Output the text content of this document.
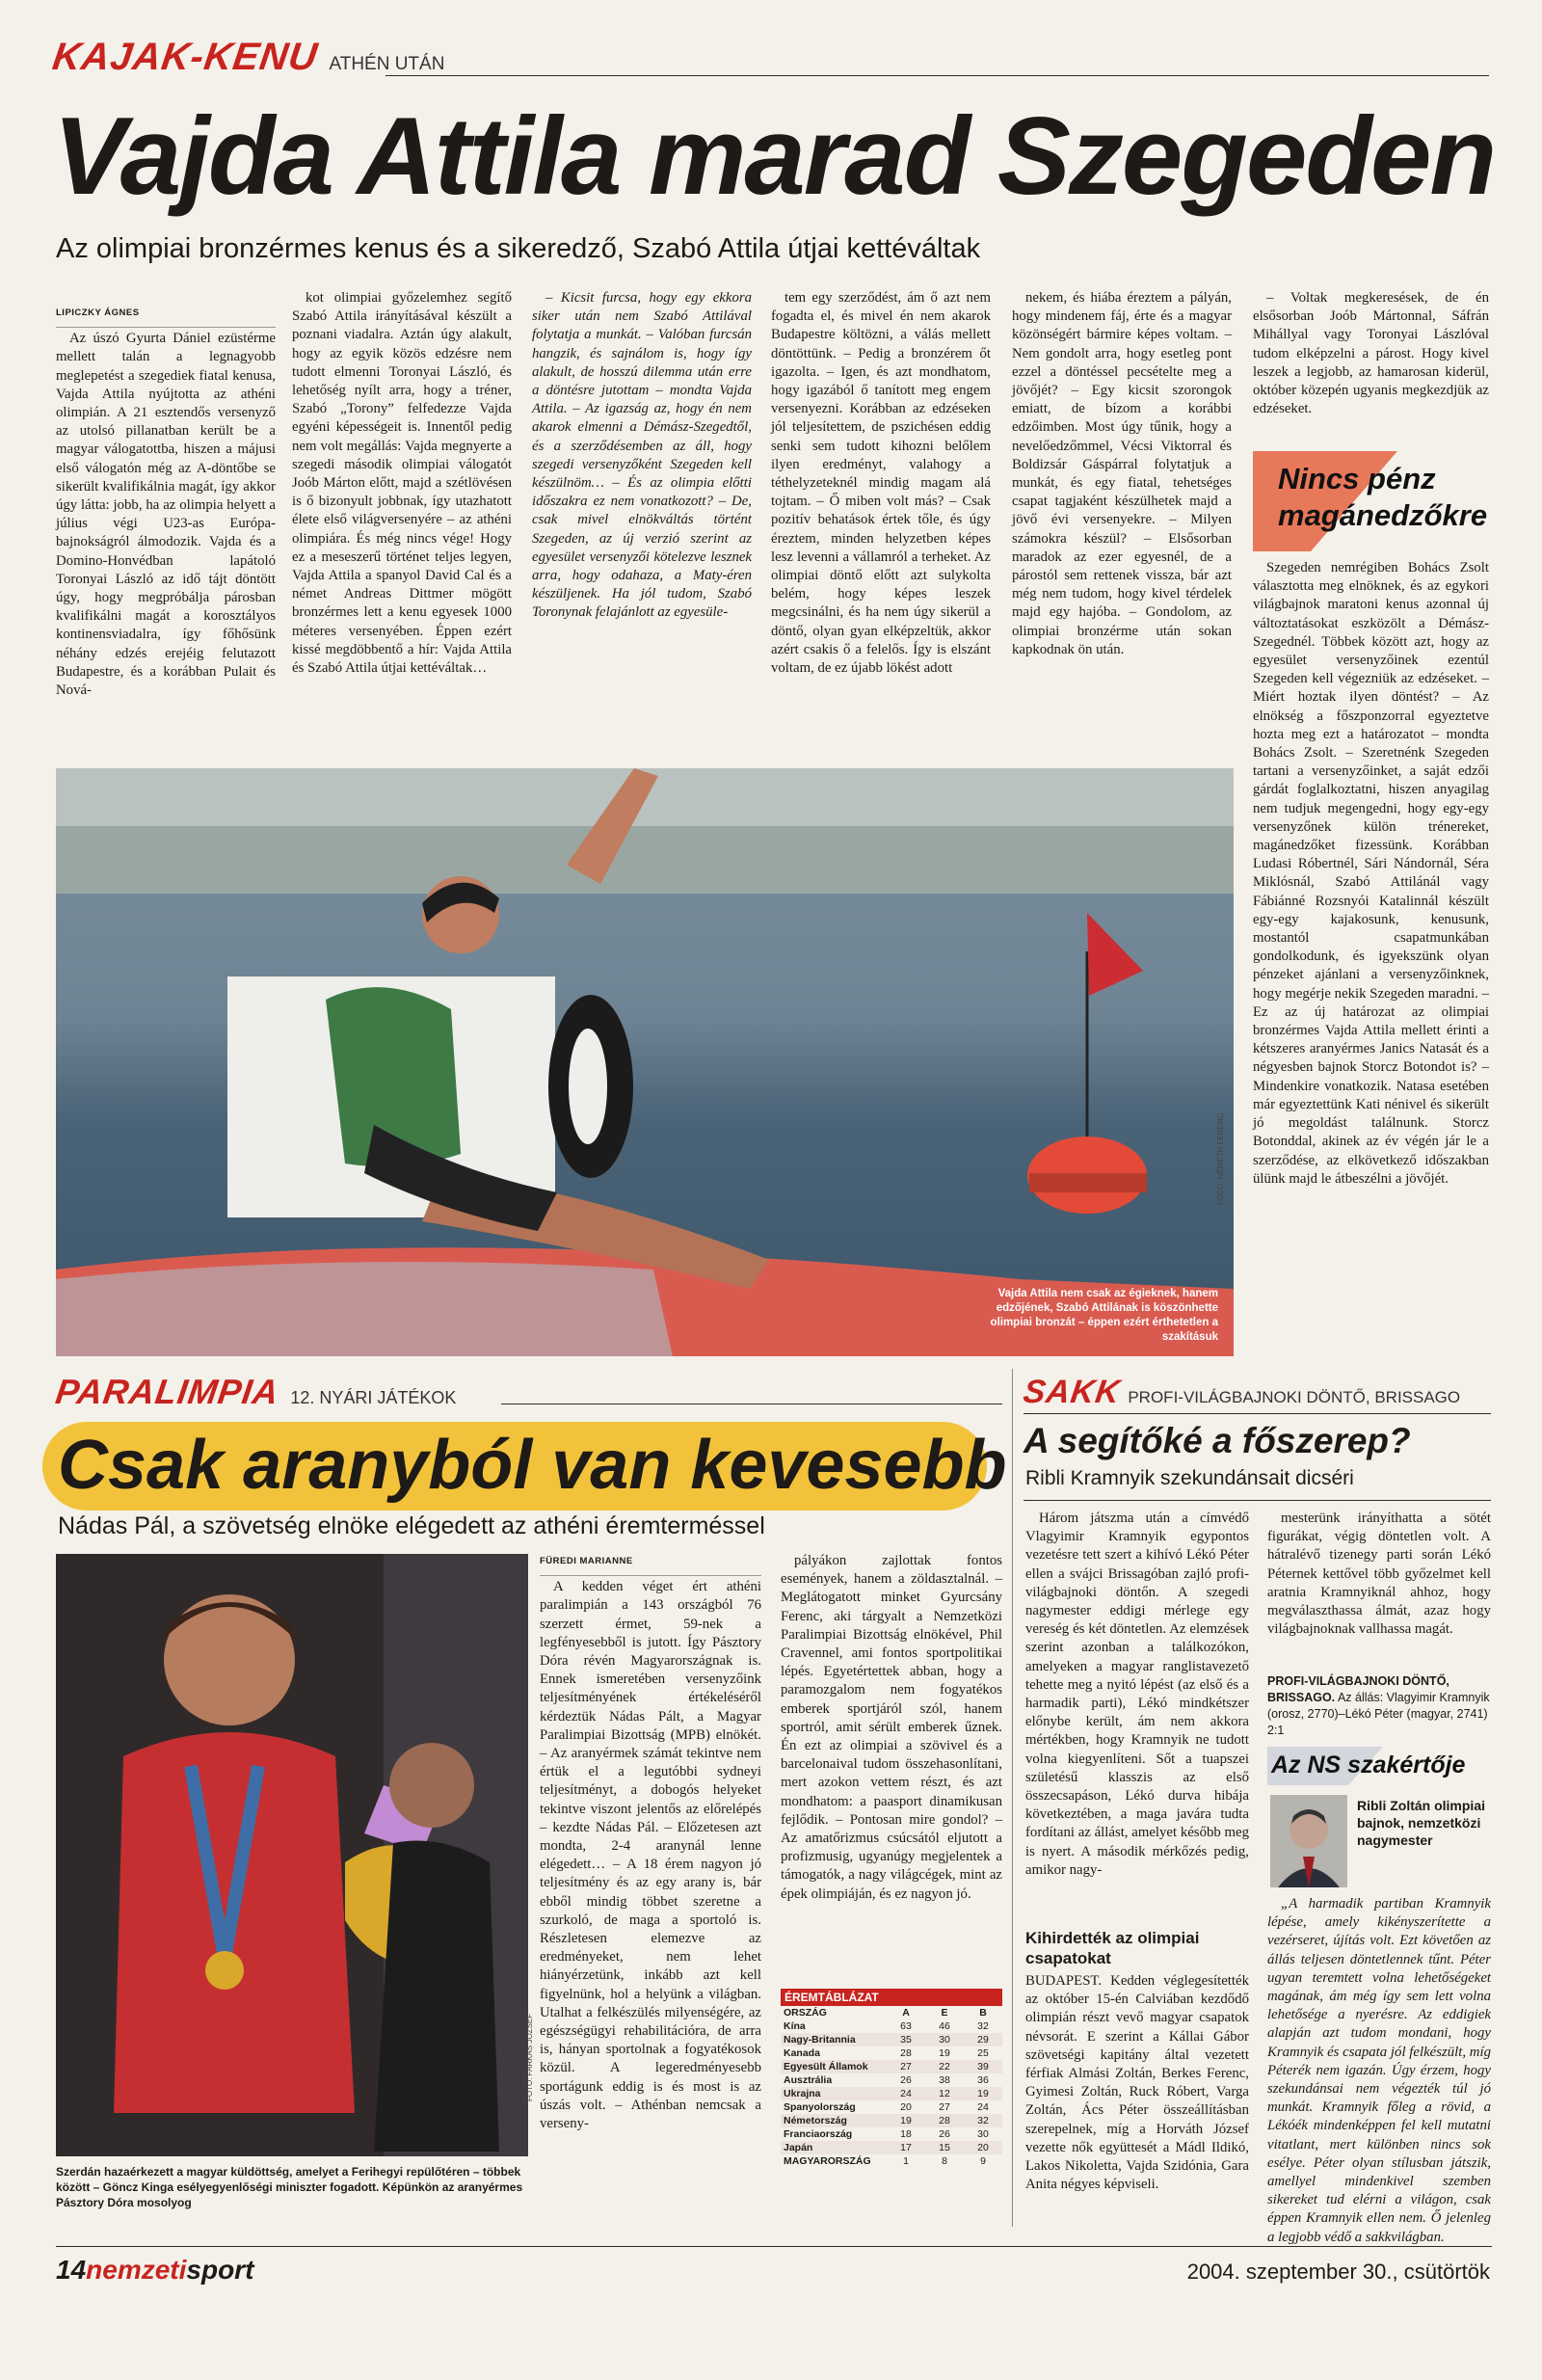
KAJAK-KENU ATHÉN UTÁN
Vajda Attila marad Szegeden
Az olimpiai bronzérmes kenus és a sikeredző, Szabó Attila útjai kettéváltak

LIPICZKY ÁGNES

Az úszó Gyurta Dániel ezüstérme mellett talán a legnagyobb meglepetést a szegediek fiatal kenusa, Vajda Attila nyújtotta az athéni olimpián. A 21 esztendős versenyző az utolsó pillanatban került be a magyar válogatottba, hiszen a májusi első válogatón még az A-döntőbe se sikerült kvalifikálnia magát, így akkor úgy látta: jobb, ha az olimpia helyett a július végi U23-as Európa-bajnokságról álmodozik. Vajda és a Domino-Honvédban lapátoló Toronyai László az idő tájt döntött úgy, hogy megpróbálja párosban kvalifikálni magát a korosztályos kontinensviadalra, így főhősünk néhány edzés erejéig felutazott Budapestre, és a korábban Pulait és Nová-

kot olimpiai győzelemhez segítő Szabó Attila irányításával készült a poznani viadalra. Aztán úgy alakult, hogy az egyik közös edzésre nem tudott elmenni Toronyai László, és lehetőség nyílt arra, hogy a tréner, Szabó „Torony” felfedezze Vajda egyéni képességeit is. Innentől pedig nem volt megállás: Vajda megnyerte a szegedi második olimpiai válogatót Joób Márton előtt, majd a szétlövésen is ő bizonyult jobbnak, így utazhatott élete első világversenyére – az athéni olimpiára. És még nincs vége! Hogy ez a meseszerű történet teljes legyen, Vajda Attila a spanyol David Cal és a német Andreas Dittmer mögött bronzérmes lett a kenu egyesek 1000 méteres versenyében. Éppen ezért kissé megdöbbentő a hír: Vajda Attila és Szabó Attila útjai kettéváltak…

– Kicsit furcsa, hogy egy ekkora siker után nem Szabó Attilával folytatja a munkát. – Valóban furcsán hangzik, és sajnálom is, hogy így alakult, de hosszú dilemma után erre a döntésre jutottam – mondta Vajda Attila. – Az igazság az, hogy én nem akarok elmenni a Démász-Szegedtől, és a szerződésemben az áll, hogy szegedi versenyzőként Szegeden kell készülnöm… – És az olimpia előtti időszakra ez nem vonatkozott? – De, csak mivel elnökváltás történt Szegeden, az új verzió szerint az egyesület versenyzői kötelezve lesznek arra, hogy odahaza, a Maty-éren készüljenek. Ha jól tudom, Szabó Toronynak felajánlott az egyesüle-

tem egy szerződést, ám ő azt nem fogadta el, és mivel én nem akarok Budapestre költözni, a válás mellett döntöttünk. – Pedig a bronzérem őt igazolta. – Igen, és azt mondhatom, hogy igazából ő tanított meg engem versenyezni. Korábban az edzéseken jól teljesítettem, de pszichésen eddig senki sem tudott kihozni belőlem ilyen eredményt, valahogy a téthelyzeteknél mindig magam alá tojtam. – Ő miben volt más? – Csak pozitív behatások értek tőle, és úgy éreztem, minden helyzetben képes lesz levenni a vállamról a terheket. Az olimpiai döntő előtt azt sulykolta belém, hogy képes leszek megcsinálni, és ha nem úgy sikerül a döntő, olyan gyan elképzeltük, akkor azért csakis ő a felelős. Így is elszánt voltam, de ez újabb lökést adott

nekem, és hiába éreztem a pályán, hogy mindenem fáj, érte és a magyar közönségért bármire képes voltam. – Nem gondolt arra, hogy esetleg pont ezzel a döntéssel pecsételte meg a jövőjét? – Egy kicsit szorongok emiatt, de bízom a korábbi edzőimben. Most úgy tűnik, hogy a nevelőedzőmmel, Vécsi Viktorral és Boldizsár Gáspárral folytatjuk a munkát, és egy fiatal, tehetséges csapat tagjaként készülhetek majd a jövő évi versenyekre. – Milyen számokra készül? – Elsősorban maradok az ezer egyesnél, de a párostól sem rettenek vissza, bár azt még nem tudom, hogy kivel térdelek majd egy hajóba. – Gondolom, az olimpiai bronzérme után sokan kapkodnak ön után.

– Voltak megkeresések, de én elsősorban Joób Mártonnal, Sáfrán Mihállyal vagy Toronyai Lászlóval tudom elképzelni a párost. Hogy kivel leszek a legjobb, az hamarosan kiderül, október közepén ugyanis megkezdjük az edzéseket.

Nincs pénz magánedzőkre

Szegeden nemrégiben Bohács Zsolt választotta meg elnöknek, és az egykori világbajnok maratoni kenus azonnal új változtatásokat eszközölt a Démász-Szegednél. Többek között azt, hogy az egyesület versenyzőinek ezentúl Szegeden kell végezniük az edzéseket. – Miért hoztak ilyen döntést? – Az elnökség a főszponzorral egyeztetve hozta meg ezt a határozatot – mondta Bohács Zsolt. – Szeretnénk Szegeden tartani a versenyzőinket, a saját edzői gárdát foglalkoztatni, hiszen anyagilag nem tudjuk megengedni, hogy egy-egy versenyzőnek külön trénereket, magánedzőket fizessünk. Korábban Ludasi Róbertnél, Sári Nándornál, Séra Miklósnál, Szabó Attilánál vagy Fábiánné Rozsnyói Katalinnál készült egy-egy kajakosunk, kenusunk, mostantól csapatmunkában gondolkodunk, és igyekszünk olyan pénzeket ajánlani a versenyzőinknek, hogy megérje nekik Szegeden maradni. – Ez az új határozat az olimpiai bronzérmes Vajda Attila mellett érinti a kétszeres aranyérmes Janics Natasát és a négyesben bajnok Storcz Botondot is? – Mindenkire vonatkozik. Natasa esetében már egyeztettünk Kati nénivel és sikerült jó megoldást találnunk. Storcz Botonddal, akinek az év végén jár le a szerződése, az elkövetkező időszakban ülünk majd le átbeszélni a jövőjét.

Vajda Attila nem csak az égieknek, hanem edzőjének, Szabó Attilának is köszönhette olimpiai bronzát – éppen ezért érthetetlen a szakításuk
FOTÓ: NÉMETH FERENC
PARALIMPIA 12. NYÁRI JÁTÉKOK
Csak aranyból van kevesebb
Nádas Pál, a szövetség elnöke elégedett az athéni éremterméssel
Szerdán hazaérkezett a magyar küldöttség, amelyet a Ferihegyi repülőtéren – többek között – Göncz Kinga esélyegyenlőségi miniszter fogadott. Képünkön az aranyérmes Pásztory Dóra mosolyog
FOTÓ: FARKAS JÓZSEF

FÜREDI MARIANNE

A kedden véget ért athéni paralimpián a 143 országból 76 szerzett érmet, 59-nek a legfényesebből is jutott. Így Pásztory Dóra révén Magyarországnak is. Ennek ismeretében versenyzőink teljesítményének értékeléséről kérdeztük Nádas Pált, a Magyar Paralimpiai Bizottság (MPB) elnökét. – Az aranyérmek számát tekintve nem értük el a legutóbbi sydneyi teljesítményt, a dobogós helyeket tekintve viszont jelentős az előrelépés – kezdte Nádas Pál. – Előzetesen azt mondta, 2-4 aranynál lenne elégedett… – A 18 érem nagyon jó teljesítmény és az egy arany is, bár ebből mindig többet szeretne a szurkoló, de maga a sportoló is. Részletesen elemezve az eredményeket, nem lehet hiányérzetünk, inkább azt kell figyelnünk, hol a helyünk a világban. Utalhat a felkészülés milyenségére, az egészségügyi rehabilitációra, de arra is, hányan sportolnak a fogyatékosok közül. A legeredményesebb sportágunk eddig is és most is az úszás volt. – Athénban nemcsak a verseny-

pályákon zajlottak fontos események, hanem a zöldasztalnál. – Meglátogatott minket Gyurcsány Ferenc, aki tárgyalt a Nemzetközi Paralimpiai Bizottság elnökével, Phil Cravennel, ami fontos sportpolitikai lépés. Egyetértettek abban, hogy a paramozgalom nem fogyatékos emberek sportjáról szól, hanem sportról, amit sérült emberek űznek. Én ezt az olimpiai a szövivel és a barcelonaival tudom összehasonlítani, mert azokon vettem részt, és azt mondhatom: a paasport dinamikusan fejlődik. – Pontosan mire gondol? – Az amatőrizmus csúcsától eljutott a profizmusig, ugyanúgy megjelentek a támogatók, a nagy világcégek, mint az épek olimpiáján, és ez nagyon jó.

ÉREMTÁBLÁZAT
ORSZÁG	A	E	B
Kína	63	46	32
Nagy-Britannia	35	30	29
Kanada	28	19	25
Egyesült Államok	27	22	39
Ausztrália	26	38	36
Ukrajna	24	12	19
Spanyolország	20	27	24
Németország	19	28	32
Franciaország	18	26	30
Japán	17	15	20
MAGYARORSZÁG	1	8	9
SAKK PROFI-VILÁGBAJNOKI DÖNTŐ, BRISSAGO
A segítőké a főszerep?
Ribli Kramnyik szekundánsait dicséri

Három játszma után a címvédő Vlagyimir Kramnyik egypontos vezetésre tett szert a kihívó Lékó Péter ellen a svájci Brissagóban zajló profi-világbajnoki döntőn. A szegedi nagymester eddigi mérlege egy vereség és két döntetlen. Az elemzések szerint azonban a találkozókon, amelyeken a magyar ranglistavezető tehette meg a nyitó lépést (az első és a harmadik parti), Lékó mindkétszer előnybe került, ám nem akkora mértékben, hogy Kramnyik ne tudott volna kiegyenlíteni. Sőt a tuapszei születésű klasszis az első összecsapáson, Lékó durva hibája következtében, a maga javára tudta fordítani az állást, amelyet később meg is nyert. A második mérkőzés pedig, amikor nagy-

mesterünk irányíthatta a sötét figurákat, végig döntetlen volt. A hátralévő tizenegy parti során Lékó Péternek kettővel több győzelmet kell aratnia Kramnyiknál ahhoz, hogy megválaszthassa álmát, azaz hogy világbajnoknak vallhassa magát.

PROFI-VILÁGBAJNOKI DÖNTŐ, BRISSAGO. Az állás: Vlagyimir Kramnyik (orosz, 2770)–Lékó Péter (magyar, 2741) 2:1
Az NS szakértője
Ribli Zoltán olimpiai bajnok, nemzetközi nagymester

„A harmadik partiban Kramnyik lépése, amely kikényszerítette a vezérseret, újítás volt. Ezt követően az állás teljesen döntetlennek tűnt. Péter ugyan teremtett volna lehetőségeket magának, ám még így sem lett volna lehetősége a nyerésre. Az eddigiek alapján azt tudom mondani, hogy Kramnyik és csapata jól felkészült, míg Péterék nem igazán. Úgy érzem, hogy szekundánsai nem végezték túl jó munkát. Kramnyik főleg a rövid, a Lékóék mindenképpen fel kell mutatni vitatlant, mert különben nincs sok esélye. Péter olyan stílusban játszik, amellyel mindenkivel szemben sikereket tud elérni a világon, csak éppen Kramnyik ellen nem. Ő jelenleg a legjobb védő a sakkvilágban.

Kihirdették az olimpiai csapatokat

BUDAPEST. Kedden véglegesítették az október 15-én Calviában kezdődő olimpián részt vevő magyar csapatok névsorát. E szerint a Kállai Gábor szövetségi kapitány által vezetett férfiak Almási Zoltán, Berkes Ferenc, Gyimesi Zoltán, Ruck Róbert, Varga Zoltán, Ács Péter összeállításban szerepelnek, míg a Horváth József vezette nők együttesét a Mádl Ildikó, Lakos Nikoletta, Vajda Szidónia, Gara Anita négyes képviseli.

14nemzetisport	2004. szeptember 30., csütörtök
